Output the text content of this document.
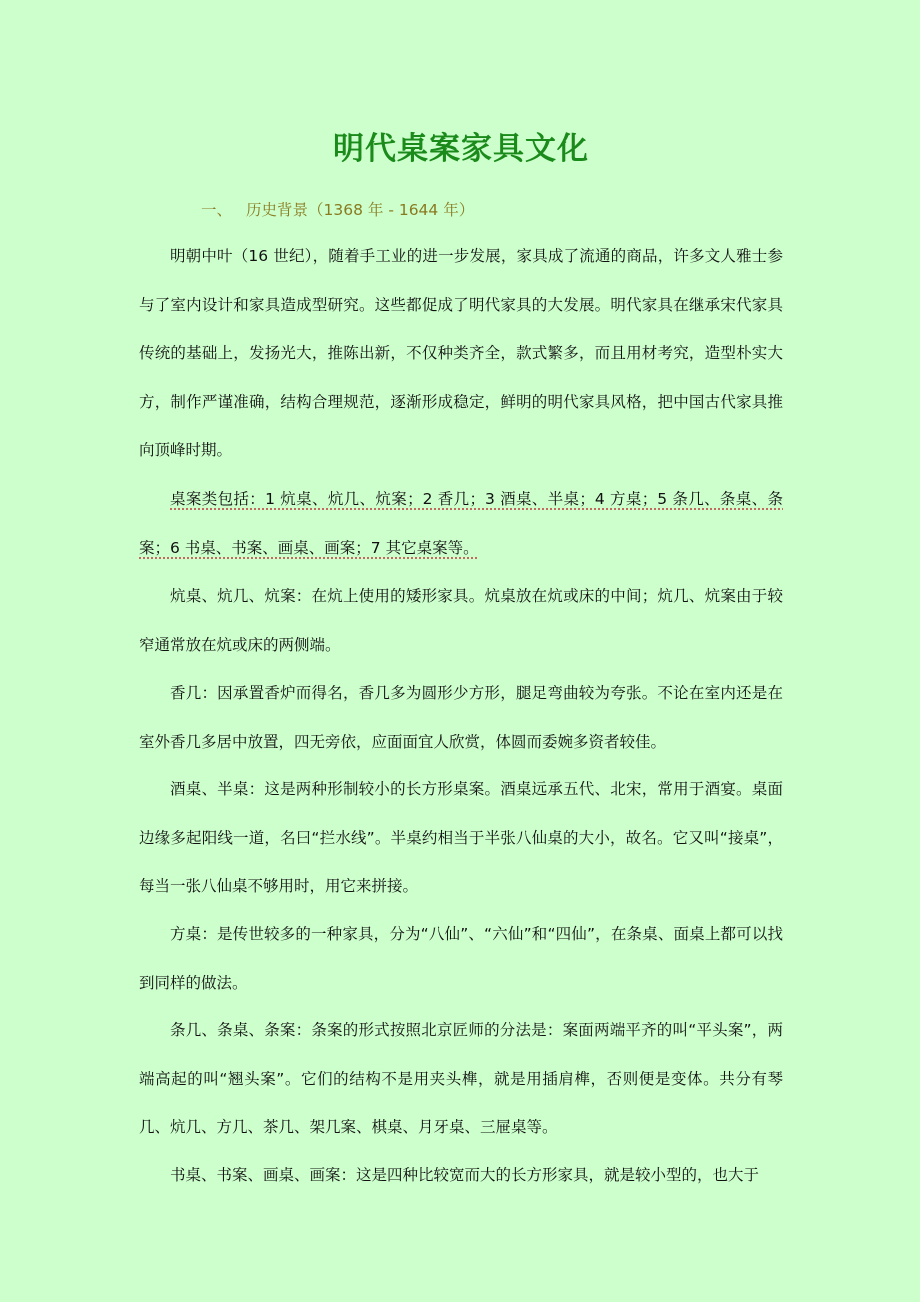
明代桌案家具文化
一、 历史背景（1368 年 - 1644 年）

明朝中叶（16 世纪），随着手工业的进一步发展，家具成了流通的商品，许多文人雅士参与了室内设计和家具造成型研究。这些都促成了明代家具的大发展。明代家具在继承宋代家具传统的基础上，发扬光大，推陈出新，不仅种类齐全，款式繁多，而且用材考究，造型朴实大方，制作严谨准确，结构合理规范，逐渐形成稳定，鲜明的明代家具风格，把中国古代家具推向顶峰时期。

桌案类包括：1 炕桌、炕几、炕案；2 香几；3 酒桌、半桌；4 方桌；5 条几、条桌、条案；6 书桌、书案、画桌、画案；7 其它桌案等。

炕桌、炕几、炕案：在炕上使用的矮形家具。炕桌放在炕或床的中间；炕几、炕案由于较窄通常放在炕或床的两侧端。

香几：因承置香炉而得名，香几多为圆形少方形，腿足弯曲较为夸张。不论在室内还是在室外香几多居中放置，四无旁依，应面面宜人欣赏，体圆而委婉多资者较佳。

酒桌、半桌：这是两种形制较小的长方形桌案。酒桌远承五代、北宋，常用于酒宴。桌面边缘多起阳线一道，名曰“拦水线”。半桌约相当于半张八仙桌的大小，故名。它又叫“接桌”，每当一张八仙桌不够用时，用它来拼接。

方桌：是传世较多的一种家具，分为“八仙”、“六仙”和“四仙”，在条桌、面桌上都可以找到同样的做法。

条几、条桌、条案：条案的形式按照北京匠师的分法是：案面两端平齐的叫“平头案”，两端高起的叫“翘头案”。它们的结构不是用夹头榫，就是用插肩榫，否则便是变体。共分有琴几、炕几、方几、茶几、架几案、棋桌、月牙桌、三屉桌等。

书桌、书案、画桌、画案：这是四种比较宽而大的长方形家具，就是较小型的，也大于
